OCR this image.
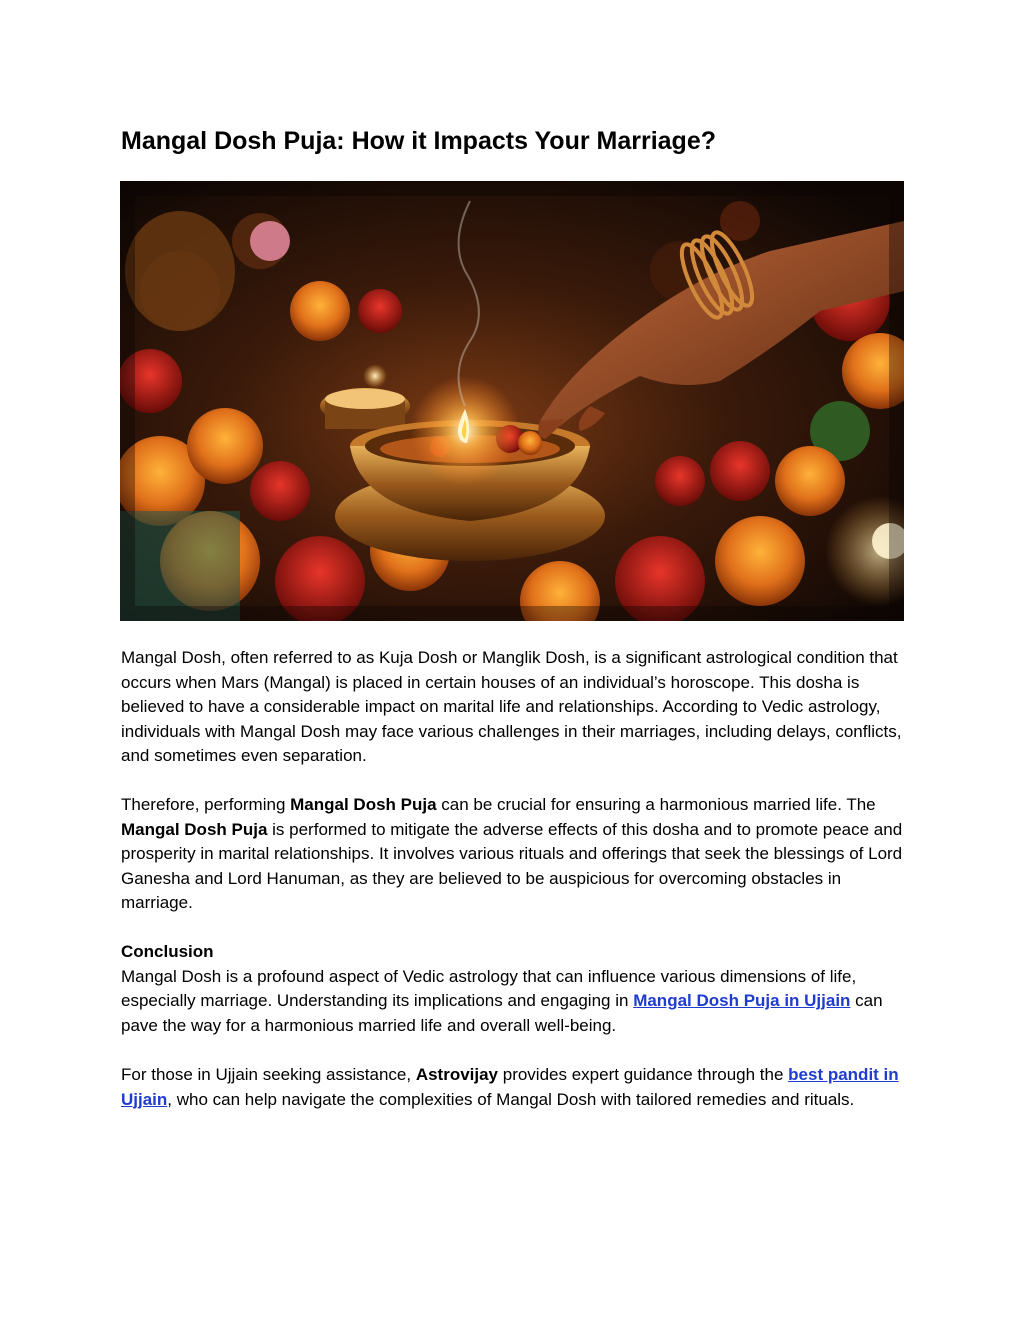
Mangal Dosh Puja: How it Impacts Your Marriage?

Mangal Dosh, often referred to as Kuja Dosh or Manglik Dosh, is a significant astrological condition that occurs when Mars (Mangal) is placed in certain houses of an individual’s horoscope. This dosha is believed to have a considerable impact on marital life and relationships. According to Vedic astrology, individuals with Mangal Dosh may face various challenges in their marriages, including delays, conflicts, and sometimes even separation.

Therefore, performing Mangal Dosh Puja can be crucial for ensuring a harmonious married life. The Mangal Dosh Puja is performed to mitigate the adverse effects of this dosha and to promote peace and prosperity in marital relationships. It involves various rituals and offerings that seek the blessings of Lord Ganesha and Lord Hanuman, as they are believed to be auspicious for overcoming obstacles in marriage.

Conclusion
Mangal Dosh is a profound aspect of Vedic astrology that can influence various dimensions of life, especially marriage. Understanding its implications and engaging in Mangal Dosh Puja in Ujjain can pave the way for a harmonious married life and overall well-being.

For those in Ujjain seeking assistance, Astrovijay provides expert guidance through the best pandit in Ujjain, who can help navigate the complexities of Mangal Dosh with tailored remedies and rituals.
